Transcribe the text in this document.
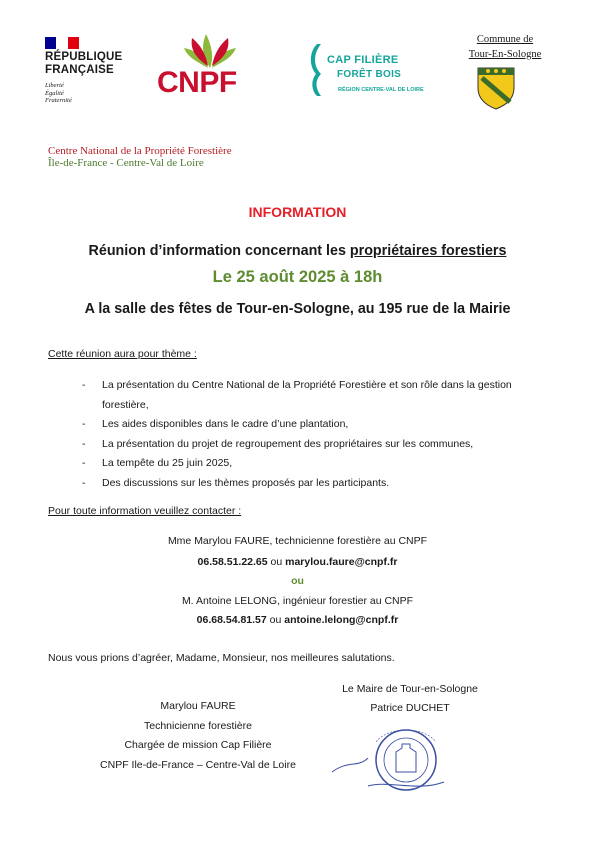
RÉPUBLIQUE
FRANÇAISE
Liberté
Égalité
Fraternité
CNPF
CAP FILIÈRE
FORÊT BOIS
RÉGION CENTRE-VAL DE LOIRE
Commune de
Tour-En-Sologne
Centre National de la Propriété Forestière
Île-de-France - Centre-Val de Loire
INFORMATION
Réunion d’information concernant les propriétaires forestiers
Le 25 août 2025 à 18h
A la salle des fêtes de Tour-en-Sologne, au 195 rue de la Mairie
Cette réunion aura pour thème :
- La présentation du Centre National de la Propriété Forestière et son rôle dans la gestion forestière,
- Les aides disponibles dans le cadre d’une plantation,
- La présentation du projet de regroupement des propriétaires sur les communes,
- La tempête du 25 juin 2025,
- Des discussions sur les thèmes proposés par les participants.
Pour toute information veuillez contacter :
Mme Marylou FAURE, technicienne forestière au CNPF
06.58.51.22.65 ou marylou.faure@cnpf.fr
ou
M. Antoine LELONG, ingénieur forestier au CNPF
06.68.54.81.57 ou antoine.lelong@cnpf.fr
Nous vous prions d’agréer, Madame, Monsieur, nos meilleures salutations.
Marylou FAURE
Technicienne forestière
Chargée de mission Cap Filière
CNPF Ile-de-France – Centre-Val de Loire
Le Maire de Tour-en-Sologne
Patrice DUCHET
